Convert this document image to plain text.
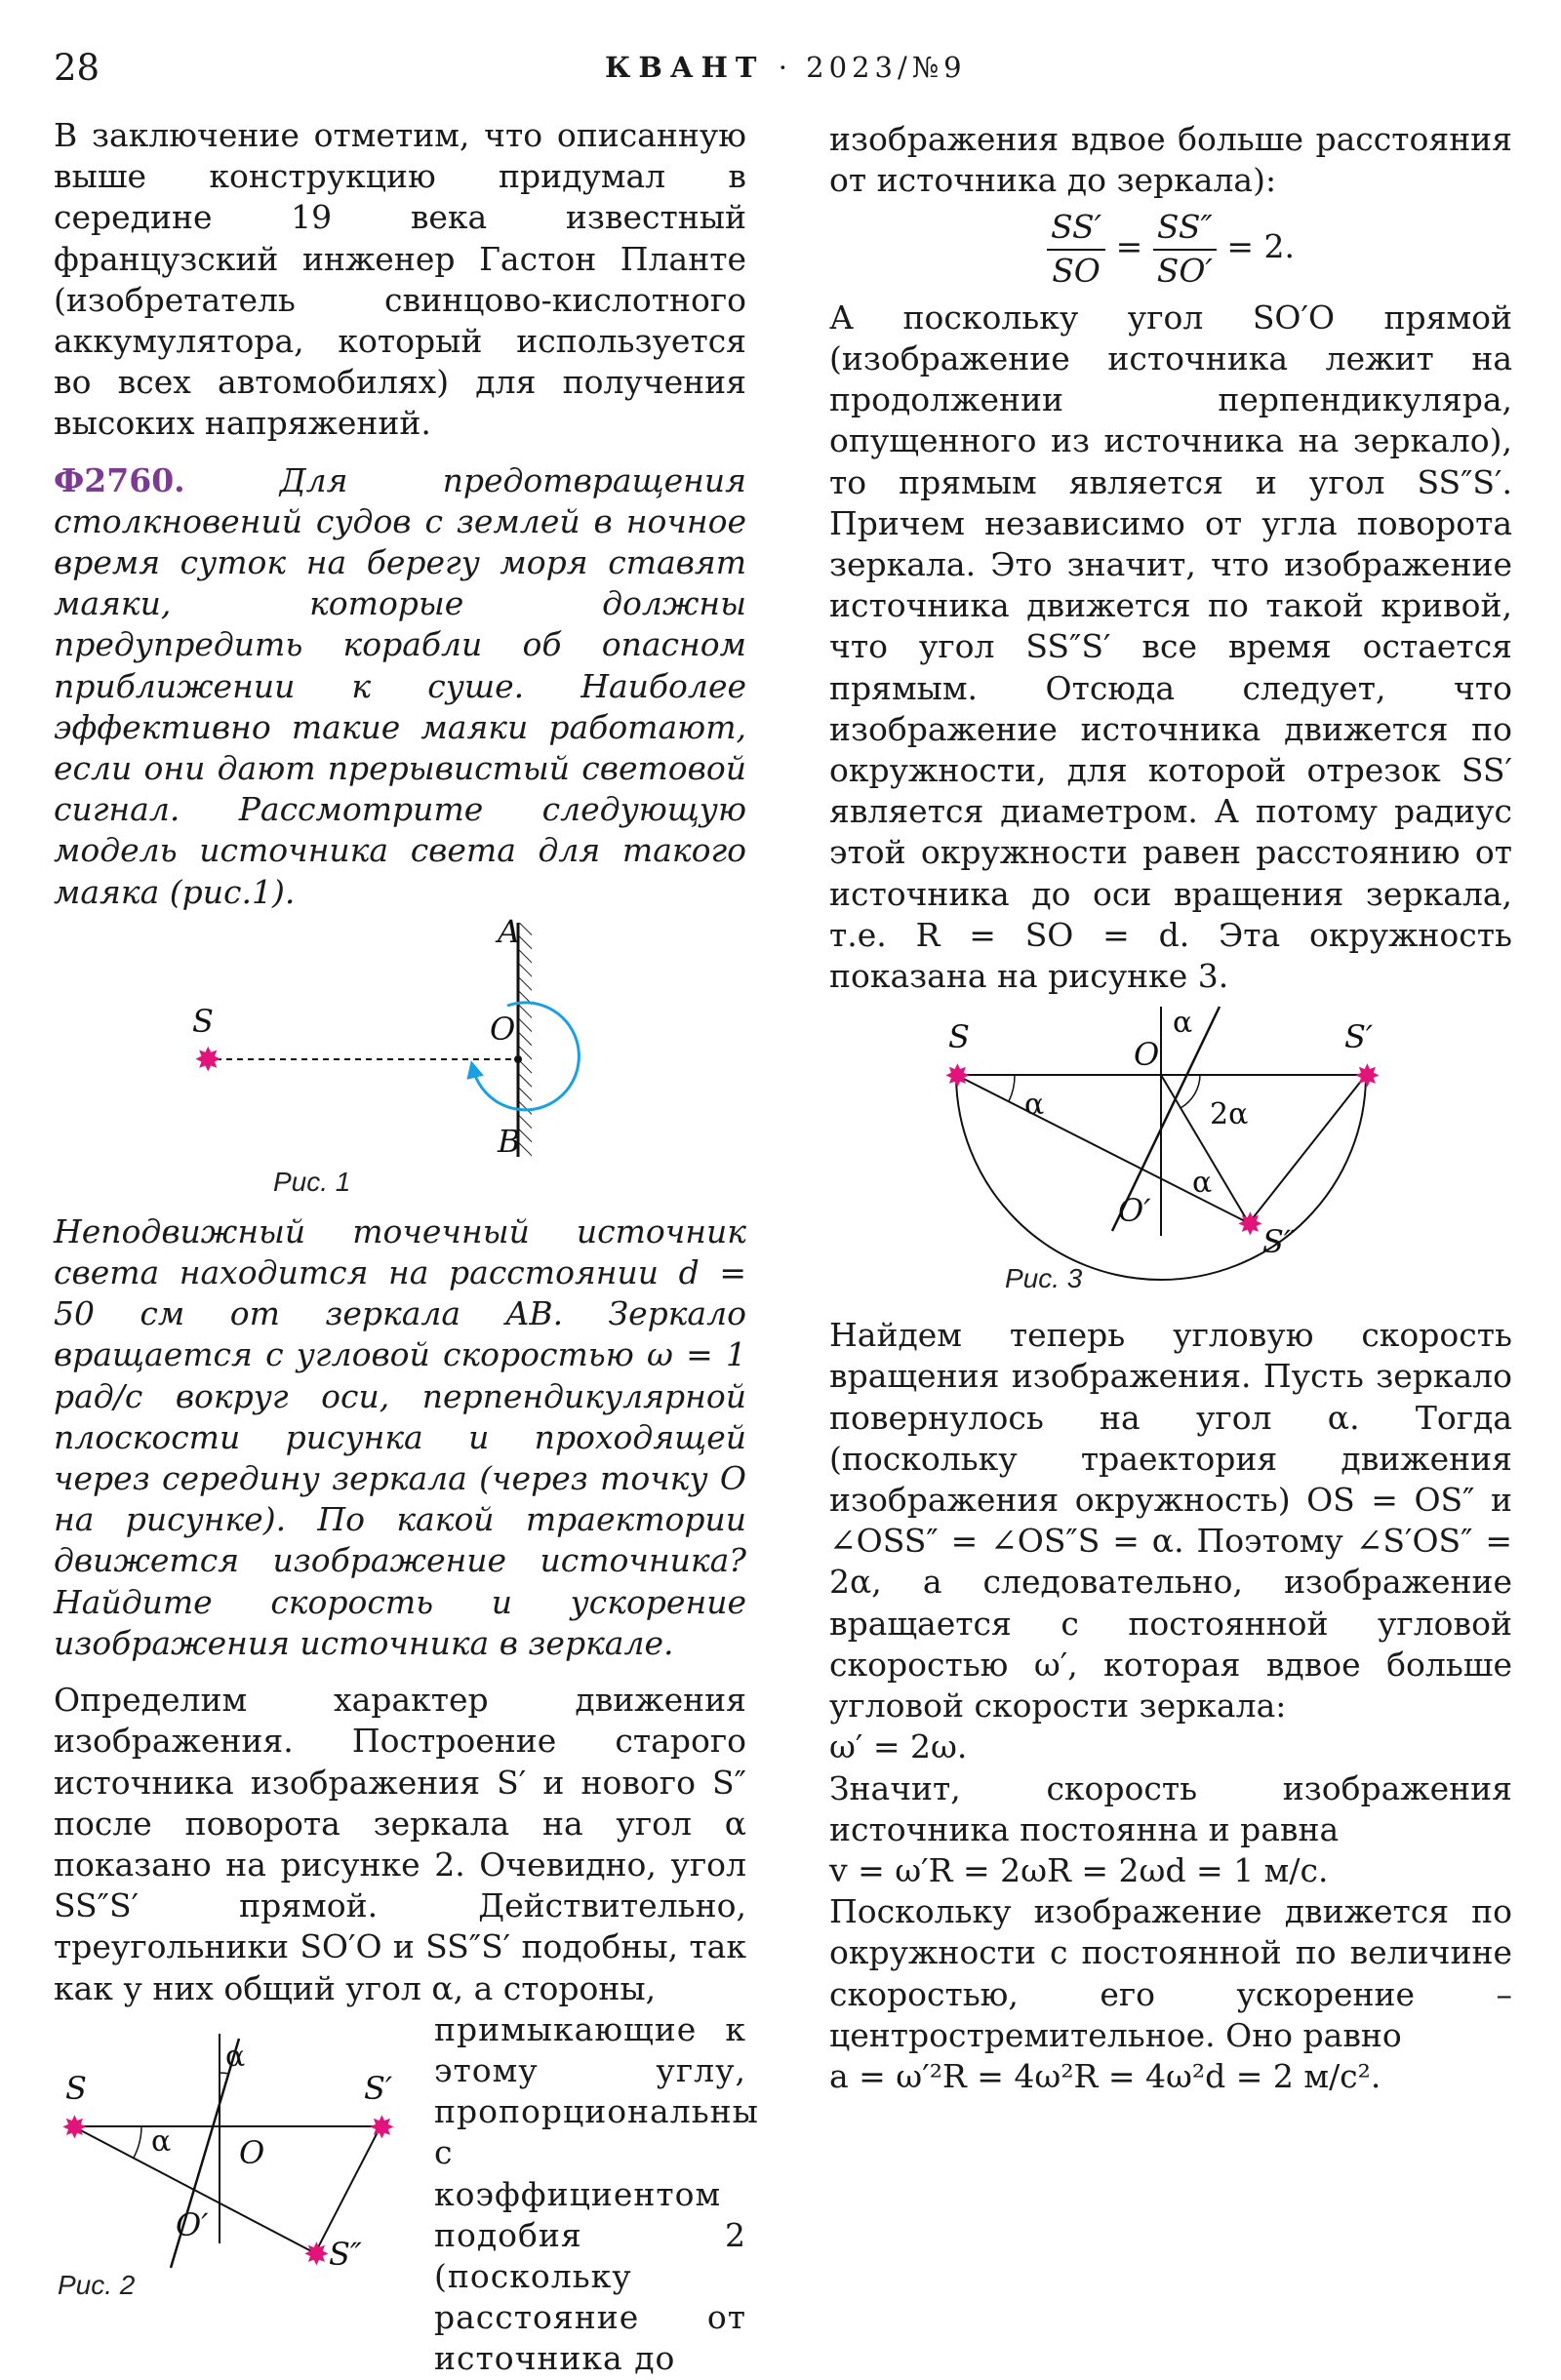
28	КВАНТ · 2023/№9

В заключение отметим, что описанную выше конструкцию придумал в середине 19 века известный французский инженер Гастон Планте (изобретатель свинцово-кислотного аккумулятора, который используется во всех автомобилях) для получения высоких напряжений.

Ф2760.	Для предотвращения столкновений судов с землей в ночное время суток на берегу моря ставят маяки, которые должны предупредить корабли об опасном приближении к суше. Наиболее эффективно такие маяки работают, если они дают прерывистый световой сигнал. Рассмотрите следующую модель источника света для такого маяка (рис.1).

✸
A
B
S	O
Рис. 1

Неподвижный точечный источник света находится на расстоянии d = 50 см от зеркала AB. Зеркало вращается с угловой скоростью ω = 1 рад/с вокруг оси, перпендикулярной плоскости рисунка и проходящей через середину зеркала (через точку O на рисунке). По какой траектории движется изображение источника? Найдите скорость и ускорение изображения источника в зеркале.

Определим характер движения изображения. Построение старого источника изображения S′ и нового S″ после поворота зеркала на угол α показано на рисунке 2. Очевидно, угол SS″S′ прямой. Действительно, треугольники SO′O и SS″S′ подобны, так как у них общий угол α, а стороны,

✸	✸
✸
S	S′
S″
O
O′
α
α
Рис. 2

примыкающие к этому углу, пропорциональны с коэффициентом подобия 2 (поскольку расстояние от источника до

изображения вдвое больше расстояния от источника до зеркала):

$\frac{SS'}{SO} = \frac{SS''}{SO'} = 2$.

А поскольку угол SO′O прямой (изображение источника лежит на продолжении перпендикуляра, опущенного из источника на зеркало), то прямым является и угол SS″S′. Причем независимо от угла поворота зеркала. Это значит, что изображение источника движется по такой кривой, что угол SS″S′ все время остается прямым. Отсюда следует, что изображение источника движется по окружности, для которой отрезок SS′ является диаметром. А потому радиус этой окружности равен расстоянию от источника до оси вращения зеркала, т.е. R = SO = d. Эта окружность показана на рисунке 3.

✸	✸
✸
S	S′
S″
O
O′
α
α	2α
α
Рис. 3

Найдем теперь угловую скорость вращения изображения. Пусть зеркало повернулось на угол α. Тогда (поскольку траектория движения изображения окружность) OS = OS″ и ∠OSS″ = ∠OS″S = α. Поэтому ∠S′OS″ = 2α, а следовательно, изображение вращается с постоянной угловой скоростью ω′, которая вдвое больше угловой скорости зеркала:

ω′ = 2ω.

Значит, скорость изображения источника постоянна и равна

v = ω′R = 2ωR = 2ωd = 1 м/с.

Поскольку изображение движется по окружности с постоянной по величине скоростью, его ускорение – центростремительное. Оно равно

a = ω′²R = 4ω²R = 4ω²d = 2 м/с².
